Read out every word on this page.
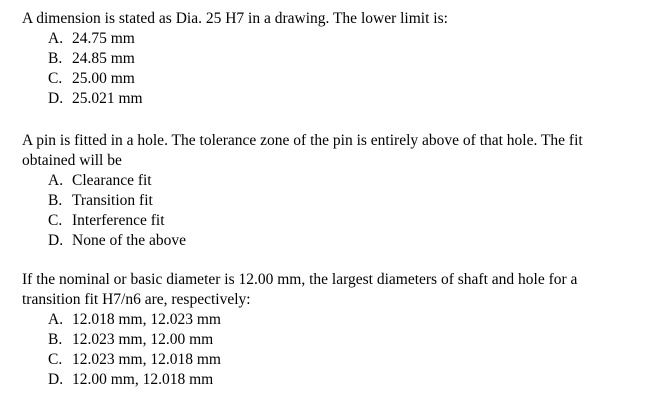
A dimension is stated as Dia. 25 H7 in a drawing. The lower limit is:

A. 24.75 mm
B. 24.85 mm
C. 25.00 mm
D. 25.021 mm

A pin is fitted in a hole. The tolerance zone of the pin is entirely above of that hole. The fit obtained will be

A. Clearance fit
B. Transition fit
C. Interference fit
D. None of the above

If the nominal or basic diameter is 12.00 mm, the largest diameters of shaft and hole for a transition fit H7/n6 are, respectively:

A. 12.018 mm, 12.023 mm
B. 12.023 mm, 12.00 mm
C. 12.023 mm, 12.018 mm
D. 12.00 mm, 12.018 mm
